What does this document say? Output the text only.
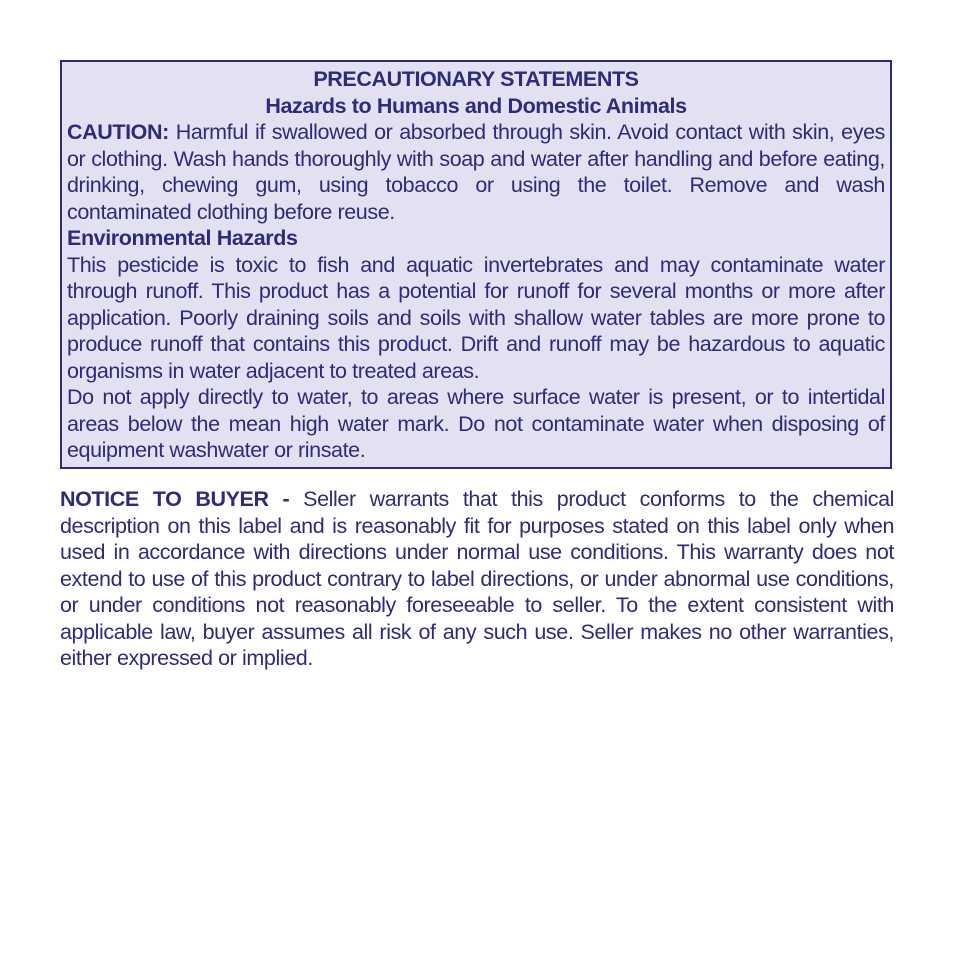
PRECAUTIONARY STATEMENTS
Hazards to Humans and Domestic Animals
CAUTION: Harmful if swallowed or absorbed through skin. Avoid contact with skin, eyes or clothing. Wash hands thoroughly with soap and water after handling and before eating, drinking, chewing gum, using tobacco or using the toilet. Remove and wash contaminated clothing before reuse.
Environmental Hazards
This pesticide is toxic to fish and aquatic invertebrates and may contaminate water through runoff. This product has a potential for runoff for several months or more after application. Poorly draining soils and soils with shallow water tables are more prone to produce runoff that contains this product. Drift and runoff may be hazardous to aquatic organisms in water adjacent to treated areas.
Do not apply directly to water, to areas where surface water is present, or to intertidal areas below the mean high water mark. Do not contaminate water when disposing of equipment washwater or rinsate.
NOTICE TO BUYER - Seller warrants that this product conforms to the chemical description on this label and is reasonably fit for purposes stated on this label only when used in accordance with directions under normal use conditions. This warranty does not extend to use of this product contrary to label directions, or under abnormal use conditions, or under conditions not reasonably foreseeable to seller. To the extent consistent with applicable law, buyer assumes all risk of any such use. Seller makes no other warranties, either expressed or implied.
